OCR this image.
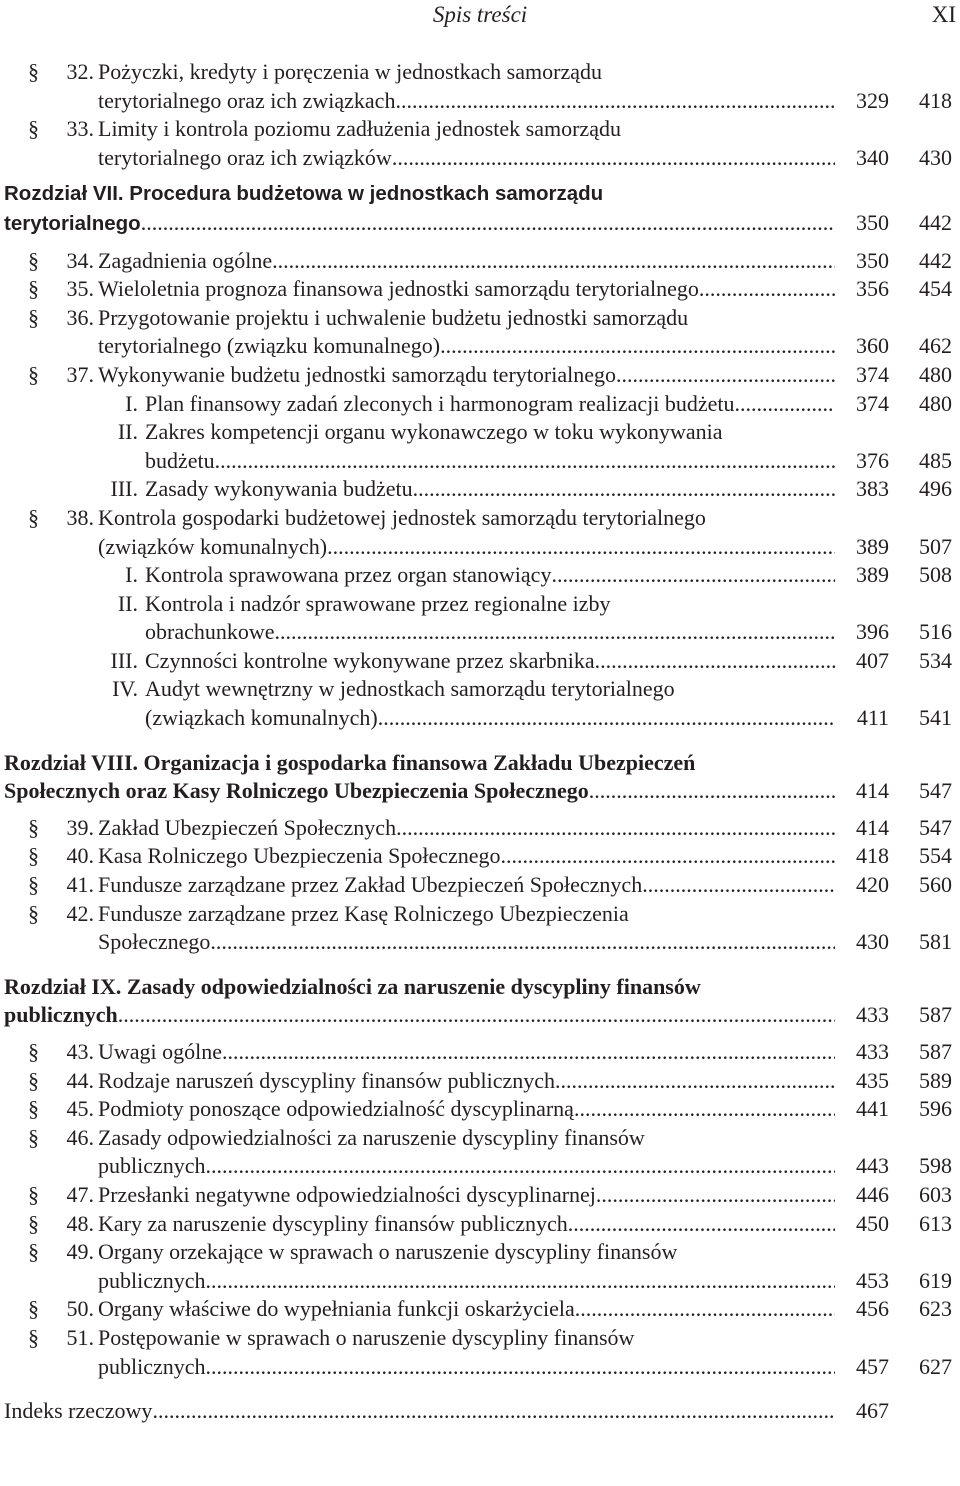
Spis treści	XI
§	32. Pożyczki, kredyty i poręczenia w jednostkach samorządu
terytorialnego oraz ich związkach .....	329	418
§	33. Limity i kontrola poziomu zadłużenia jednostek samorządu
terytorialnego oraz ich związków .....	340	430
Rozdział VII. Procedura budżetowa w jednostkach samorządu
terytorialnego .....	350	442
§	34. Zagadnienia ogólne .....	350	442
§	35. Wieloletnia prognoza finansowa jednostki samorządu terytorialnego .....	356	454
§	36. Przygotowanie projektu i uchwalenie budżetu jednostki samorządu
terytorialnego (związku komunalnego) .....	360	462
§	37. Wykonywanie budżetu jednostki samorządu terytorialnego .....	374	480
I. Plan finansowy zadań zleconych i harmonogram realizacji budżetu .....	374	480
II. Zakres kompetencji organu wykonawczego w toku wykonywania
budżetu .....	376	485
III. Zasady wykonywania budżetu .....	383	496
§	38. Kontrola gospodarki budżetowej jednostek samorządu terytorialnego
(związków komunalnych) .....	389	507
I. Kontrola sprawowana przez organ stanowiący .....	389	508
II. Kontrola i nadzór sprawowane przez regionalne izby
obrachunkowe .....	396	516
III. Czynności kontrolne wykonywane przez skarbnika .....	407	534
IV. Audyt wewnętrzny w jednostkach samorządu terytorialnego
(związkach komunalnych) .....	411	541
Rozdział VIII. Organizacja i gospodarka finansowa Zakładu Ubezpieczeń
Społecznych oraz Kasy Rolniczego Ubezpieczenia Społecznego .....	414	547
§	39. Zakład Ubezpieczeń Społecznych .....	414	547
§	40. Kasa Rolniczego Ubezpieczenia Społecznego .....	418	554
§	41. Fundusze zarządzane przez Zakład Ubezpieczeń Społecznych .....	420	560
§	42. Fundusze zarządzane przez Kasę Rolniczego Ubezpieczenia
Społecznego .....	430	581
Rozdział IX. Zasady odpowiedzialności za naruszenie dyscypliny finansów
publicznych .....	433	587
§	43. Uwagi ogólne .....	433	587
§	44. Rodzaje naruszeń dyscypliny finansów publicznych .....	435	589
§	45. Podmioty ponoszące odpowiedzialność dyscyplinarną .....	441	596
§	46. Zasady odpowiedzialności za naruszenie dyscypliny finansów
publicznych .....	443	598
§	47. Przesłanki negatywne odpowiedzialności dyscyplinarnej .....	446	603
§	48. Kary za naruszenie dyscypliny finansów publicznych .....	450	613
§	49. Organy orzekające w sprawach o naruszenie dyscypliny finansów
publicznych .....	453	619
§	50. Organy właściwe do wypełniania funkcji oskarżyciela .....	456	623
§	51. Postępowanie w sprawach o naruszenie dyscypliny finansów
publicznych .....	457	627
Indeks rzeczowy .....	467
